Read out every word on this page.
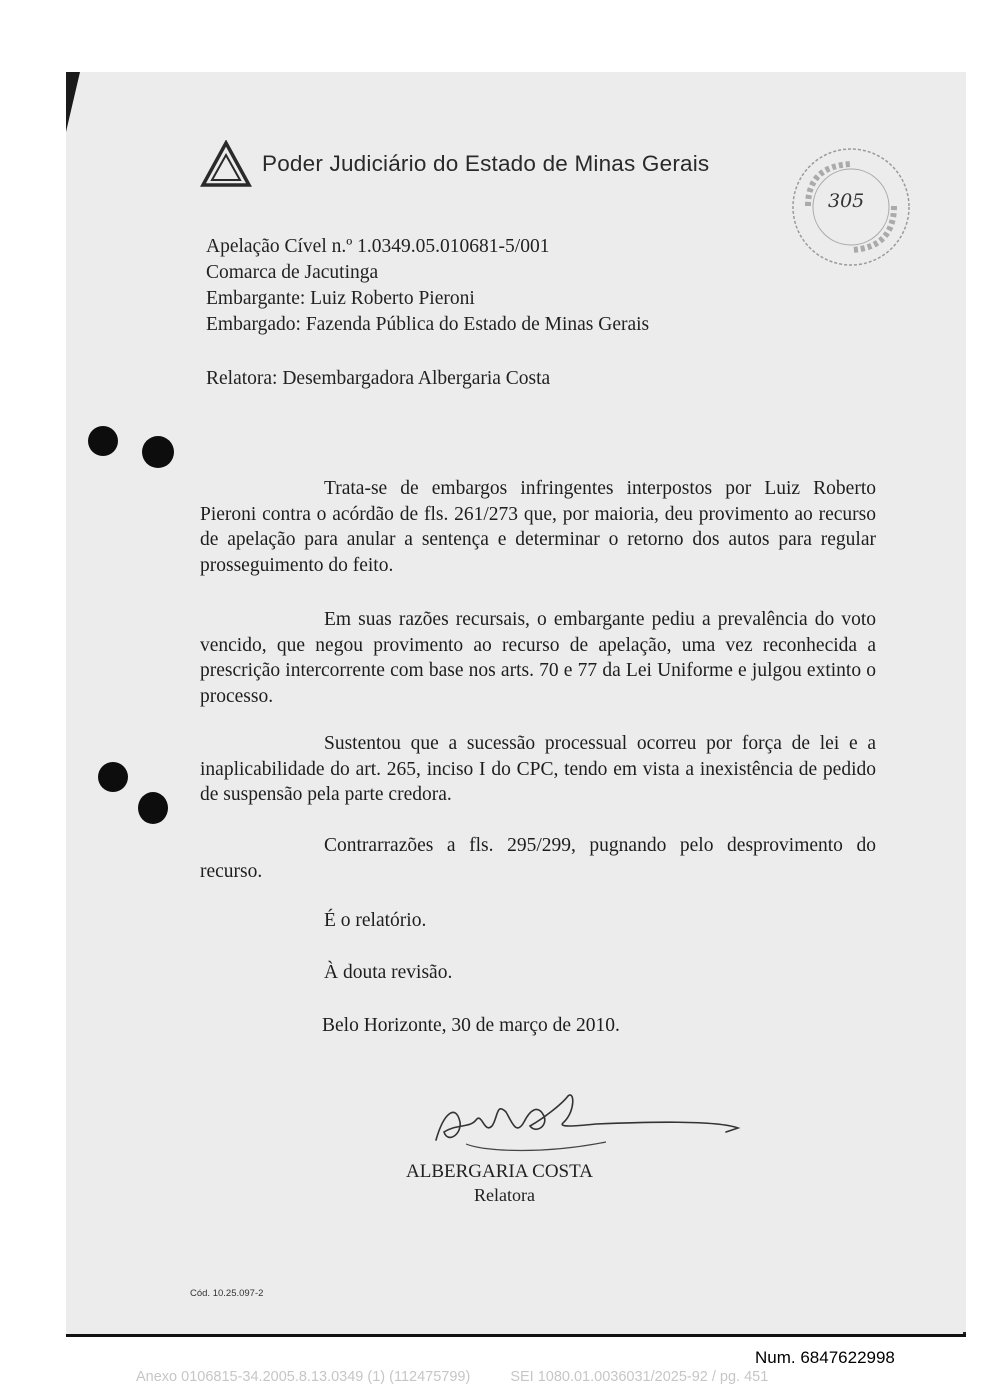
Poder Judiciário do Estado de Minas Gerais
305
Apelação Cível n.º 1.0349.05.010681-5/001
Comarca de Jacutinga
Embargante: Luiz Roberto Pieroni
Embargado: Fazenda Pública do Estado de Minas Gerais
Relatora: Desembargadora Albergaria Costa

Trata-se de embargos infringentes interpostos por Luiz Roberto Pieroni contra o acórdão de fls. 261/273 que, por maioria, deu provimento ao recurso de apelação para anular a sentença e determinar o retorno dos autos para regular prosseguimento do feito.

Em suas razões recursais, o embargante pediu a prevalência do voto vencido, que negou provimento ao recurso de apelação, uma vez reconhecida a prescrição intercorrente com base nos arts. 70 e 77 da Lei Uniforme e julgou extinto o processo.

Sustentou que a sucessão processual ocorreu por força de lei e a inaplicabilidade do art. 265, inciso I do CPC, tendo em vista a inexistência de pedido de suspensão pela parte credora.

Contrarrazões a fls. 295/299, pugnando pelo desprovimento do recurso.

É o relatório.
À douta revisão.
Belo Horizonte, 30 de março de 2010.
ALBERGARIA COSTA
Relatora
Cód. 10.25.097-2
Num. 6847622998
Anexo 0106815-34.2005.8.13.0349 (1) (112475799)	SEI 1080.01.0036031/2025-92 / pg. 451
